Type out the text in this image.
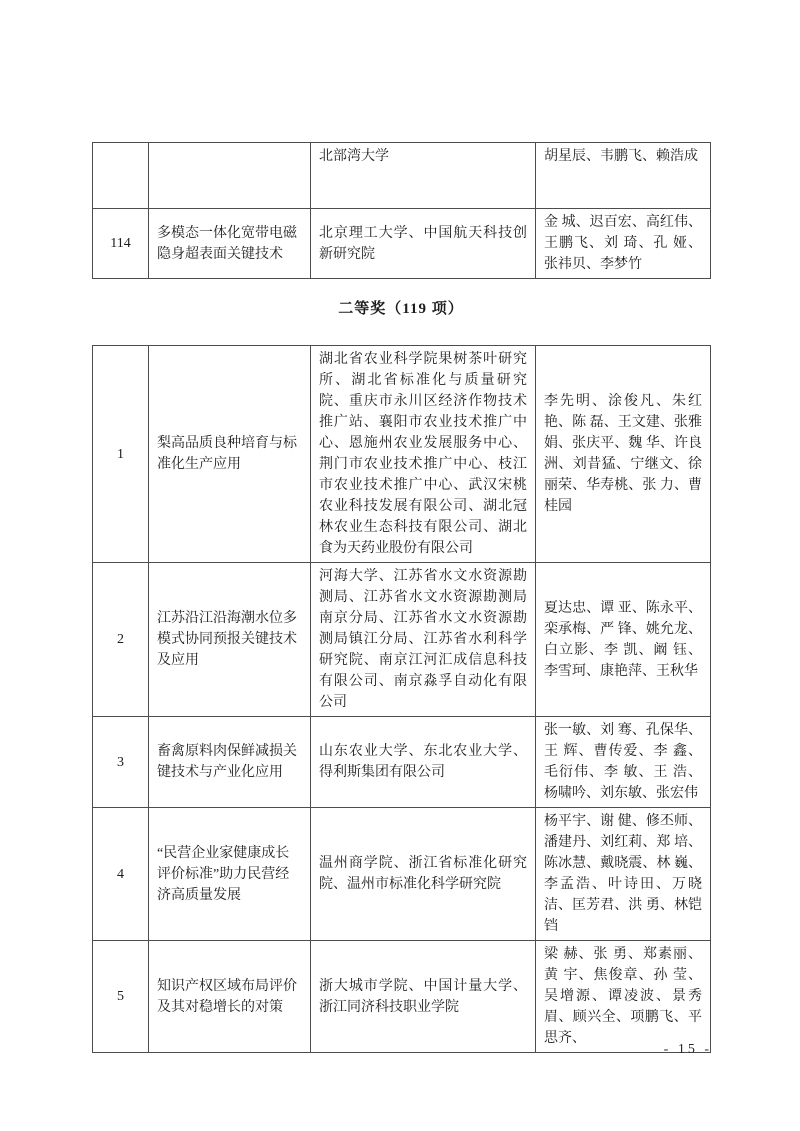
		北部湾大学	胡星辰、韦鹏飞、赖浩成
114	多模态一体化宽带电磁隐身超表面关键技术	北京理工大学、中国航天科技创新研究院	金 城、迟百宏、高红伟、王鹏飞、刘 琦、孔 娅、张祎贝、李梦竹
二等奖（119 项）
1	梨高品质良种培育与标准化生产应用	湖北省农业科学院果树茶叶研究所、湖北省标准化与质量研究院、重庆市永川区经济作物技术推广站、襄阳市农业技术推广中心、恩施州农业发展服务中心、荆门市农业技术推广中心、枝江市农业技术推广中心、武汉宋桃农业科技发展有限公司、湖北冠林农业生态科技有限公司、湖北食为天药业股份有限公司	李先明、涂俊凡、朱红艳、陈 磊、王文建、张雅娟、张庆平、魏 华、许良洲、刘昔猛、宁继文、徐丽荣、华寿桃、张 力、曹桂园
2	江苏沿江沿海潮水位多模式协同预报关键技术及应用	河海大学、江苏省水文水资源勘测局、江苏省水文水资源勘测局南京分局、江苏省水文水资源勘测局镇江分局、江苏省水利科学研究院、南京江河汇成信息科技有限公司、南京淼孚自动化有限公司	夏达忠、谭 亚、陈永平、栾承梅、严 锋、姚允龙、白立影、李 凯、阚 钰、李雪珂、康艳萍、王秋华
3	畜禽原料肉保鲜减损关键技术与产业化应用	山东农业大学、东北农业大学、得利斯集团有限公司	张一敏、刘 骞、孔保华、王 辉、曹传爱、李 鑫、毛衍伟、李 敏、王 浩、杨啸吟、刘东敏、张宏伟
4	“民营企业家健康成长评价标准”助力民营经济高质量发展	温州商学院、浙江省标准化研究院、温州市标准化科学研究院	杨平宇、谢 健、修丕师、潘建丹、刘红莉、郑 培、陈冰慧、戴晓震、林 巍、李孟浩、叶诗田、万晓洁、匡芳君、洪 勇、林铠铛
5	知识产权区域布局评价及其对稳增长的对策	浙大城市学院、中国计量大学、浙江同济科技职业学院	梁 赫、张 勇、郑素丽、黄 宇、焦俊章、孙 莹、吴增源、谭凌波、景秀眉、顾兴全、项鹏飞、平思齐、
- 15 -
